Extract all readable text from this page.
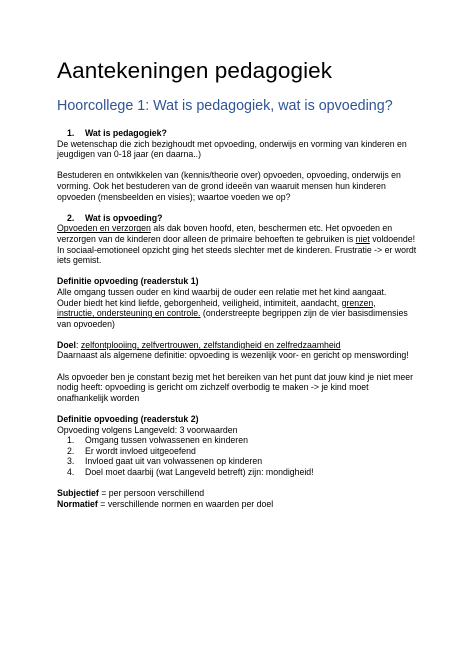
Aantekeningen pedagogiek
Hoorcollege 1: Wat is pedagogiek, wat is opvoeding?
1. Wat is pedagogiek?
De wetenschap die zich bezighoudt met opvoeding, onderwijs en vorming van kinderen en
jeugdigen van 0-18 jaar (en daarna..)
Bestuderen en ontwikkelen van (kennis/theorie over) opvoeden, opvoeding, onderwijs en
vorming. Ook het bestuderen van de grond ideeën van waaruit mensen hun kinderen
opvoeden (mensbeelden en visies); waartoe voeden we op?
2. Wat is opvoeding?
Opvoeden en verzorgen als dak boven hoofd, eten, beschermen etc. Het opvoeden en
verzorgen van de kinderen door alleen de primaire behoeften te gebruiken is niet voldoende!
In sociaal-emotioneel opzicht ging het steeds slechter met de kinderen. Frustratie -> er wordt
iets gemist.
Definitie opvoeding (readerstuk 1)
Alle omgang tussen ouder en kind waarbij de ouder een relatie met het kind aangaat.
Ouder biedt het kind liefde, geborgenheid, veiligheid, intimiteit, aandacht, grenzen,
instructie, ondersteuning en controle. (onderstreepte begrippen zijn de vier basisdimensies
van opvoeden)
Doel: zelfontplooiing, zelfvertrouwen, zelfstandigheid en zelfredzaamheid
Daarnaast als algemene definitie: opvoeding is wezenlijk voor- en gericht op menswording!
Als opvoeder ben je constant bezig met het bereiken van het punt dat jouw kind je niet meer
nodig heeft: opvoeding is gericht om zichzelf overbodig te maken -> je kind moet
onafhankelijk worden
Definitie opvoeding (readerstuk 2)
Opvoeding volgens Langeveld: 3 voorwaarden
1. Omgang tussen volwassenen en kinderen
2. Er wordt invloed uitgeoefend
3. Invloed gaat uit van volwassenen op kinderen
4. Doel moet daarbij (wat Langeveld betreft) zijn: mondigheid!
Subjectief = per persoon verschillend
Normatief = verschillende normen en waarden per doel
